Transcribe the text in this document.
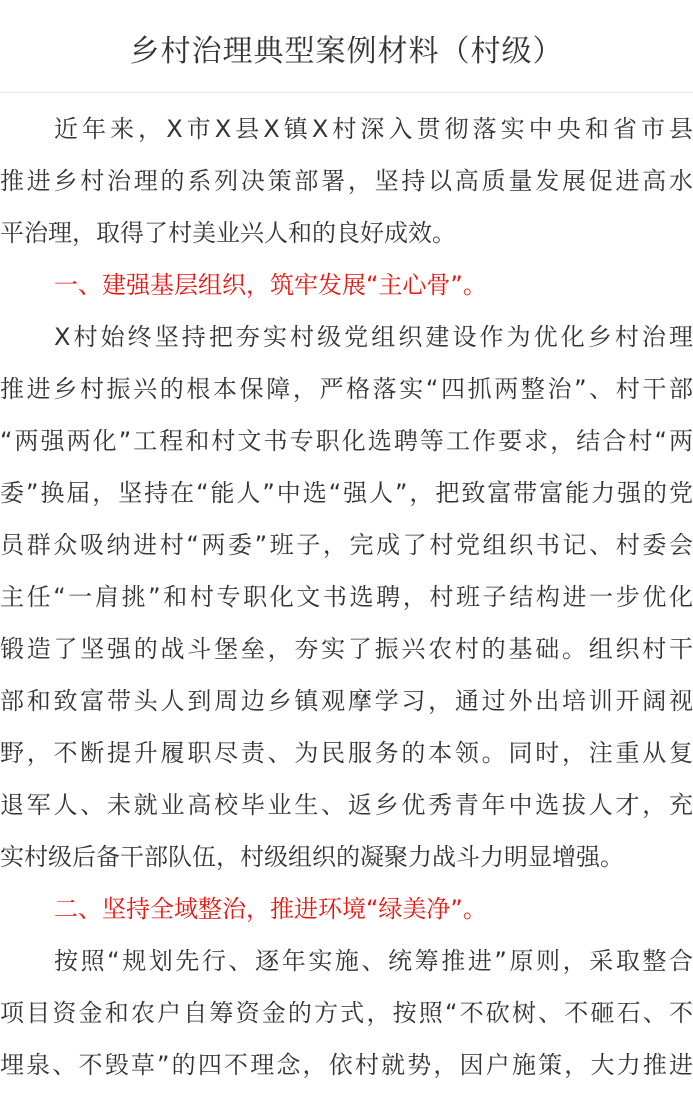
乡村治理典型案例材料（村级）
近年来，X市X县X镇X村深入贯彻落实中央和省市县
推进乡村治理的系列决策部署，坚持以高质量发展促进高水
平治理，取得了村美业兴人和的良好成效。
一、建强基层组织，筑牢发展“主心骨”。
X村始终坚持把夯实村级党组织建设作为优化乡村治理
推进乡村振兴的根本保障，严格落实“四抓两整治”、村干部
“两强两化”工程和村文书专职化选聘等工作要求，结合村“两
委”换届，坚持在“能人”中选“强人”，把致富带富能力强的党
员群众吸纳进村“两委”班子，完成了村党组织书记、村委会
主任“一肩挑”和村专职化文书选聘，村班子结构进一步优化
锻造了坚强的战斗堡垒，夯实了振兴农村的基础。组织村干
部和致富带头人到周边乡镇观摩学习，通过外出培训开阔视
野，不断提升履职尽责、为民服务的本领。同时，注重从复
退军人、未就业高校毕业生、返乡优秀青年中选拔人才，充
实村级后备干部队伍，村级组织的凝聚力战斗力明显增强。
二、坚持全域整治，推进环境“绿美净”。
按照“规划先行、逐年实施、统筹推进”原则，采取整合
项目资金和农户自筹资金的方式，按照“不砍树、不砸石、不
埋泉、不毁草”的四不理念，依村就势，因户施策，大力推进
